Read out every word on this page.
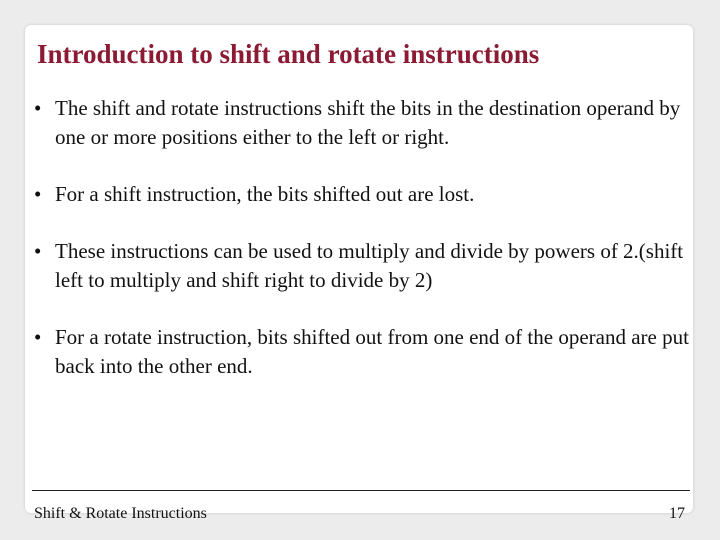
Introduction to shift and rotate instructions
• The shift and rotate instructions shift the bits in the destination operand by one or more positions either to the left or right.
• For a shift instruction, the bits shifted out are lost.
• These instructions can be used to multiply and divide by powers of 2.(shift left to multiply and shift right to divide by 2)
• For a rotate instruction, bits shifted out from one end of the operand are put back into the other end.
Shift & Rotate Instructions	17
